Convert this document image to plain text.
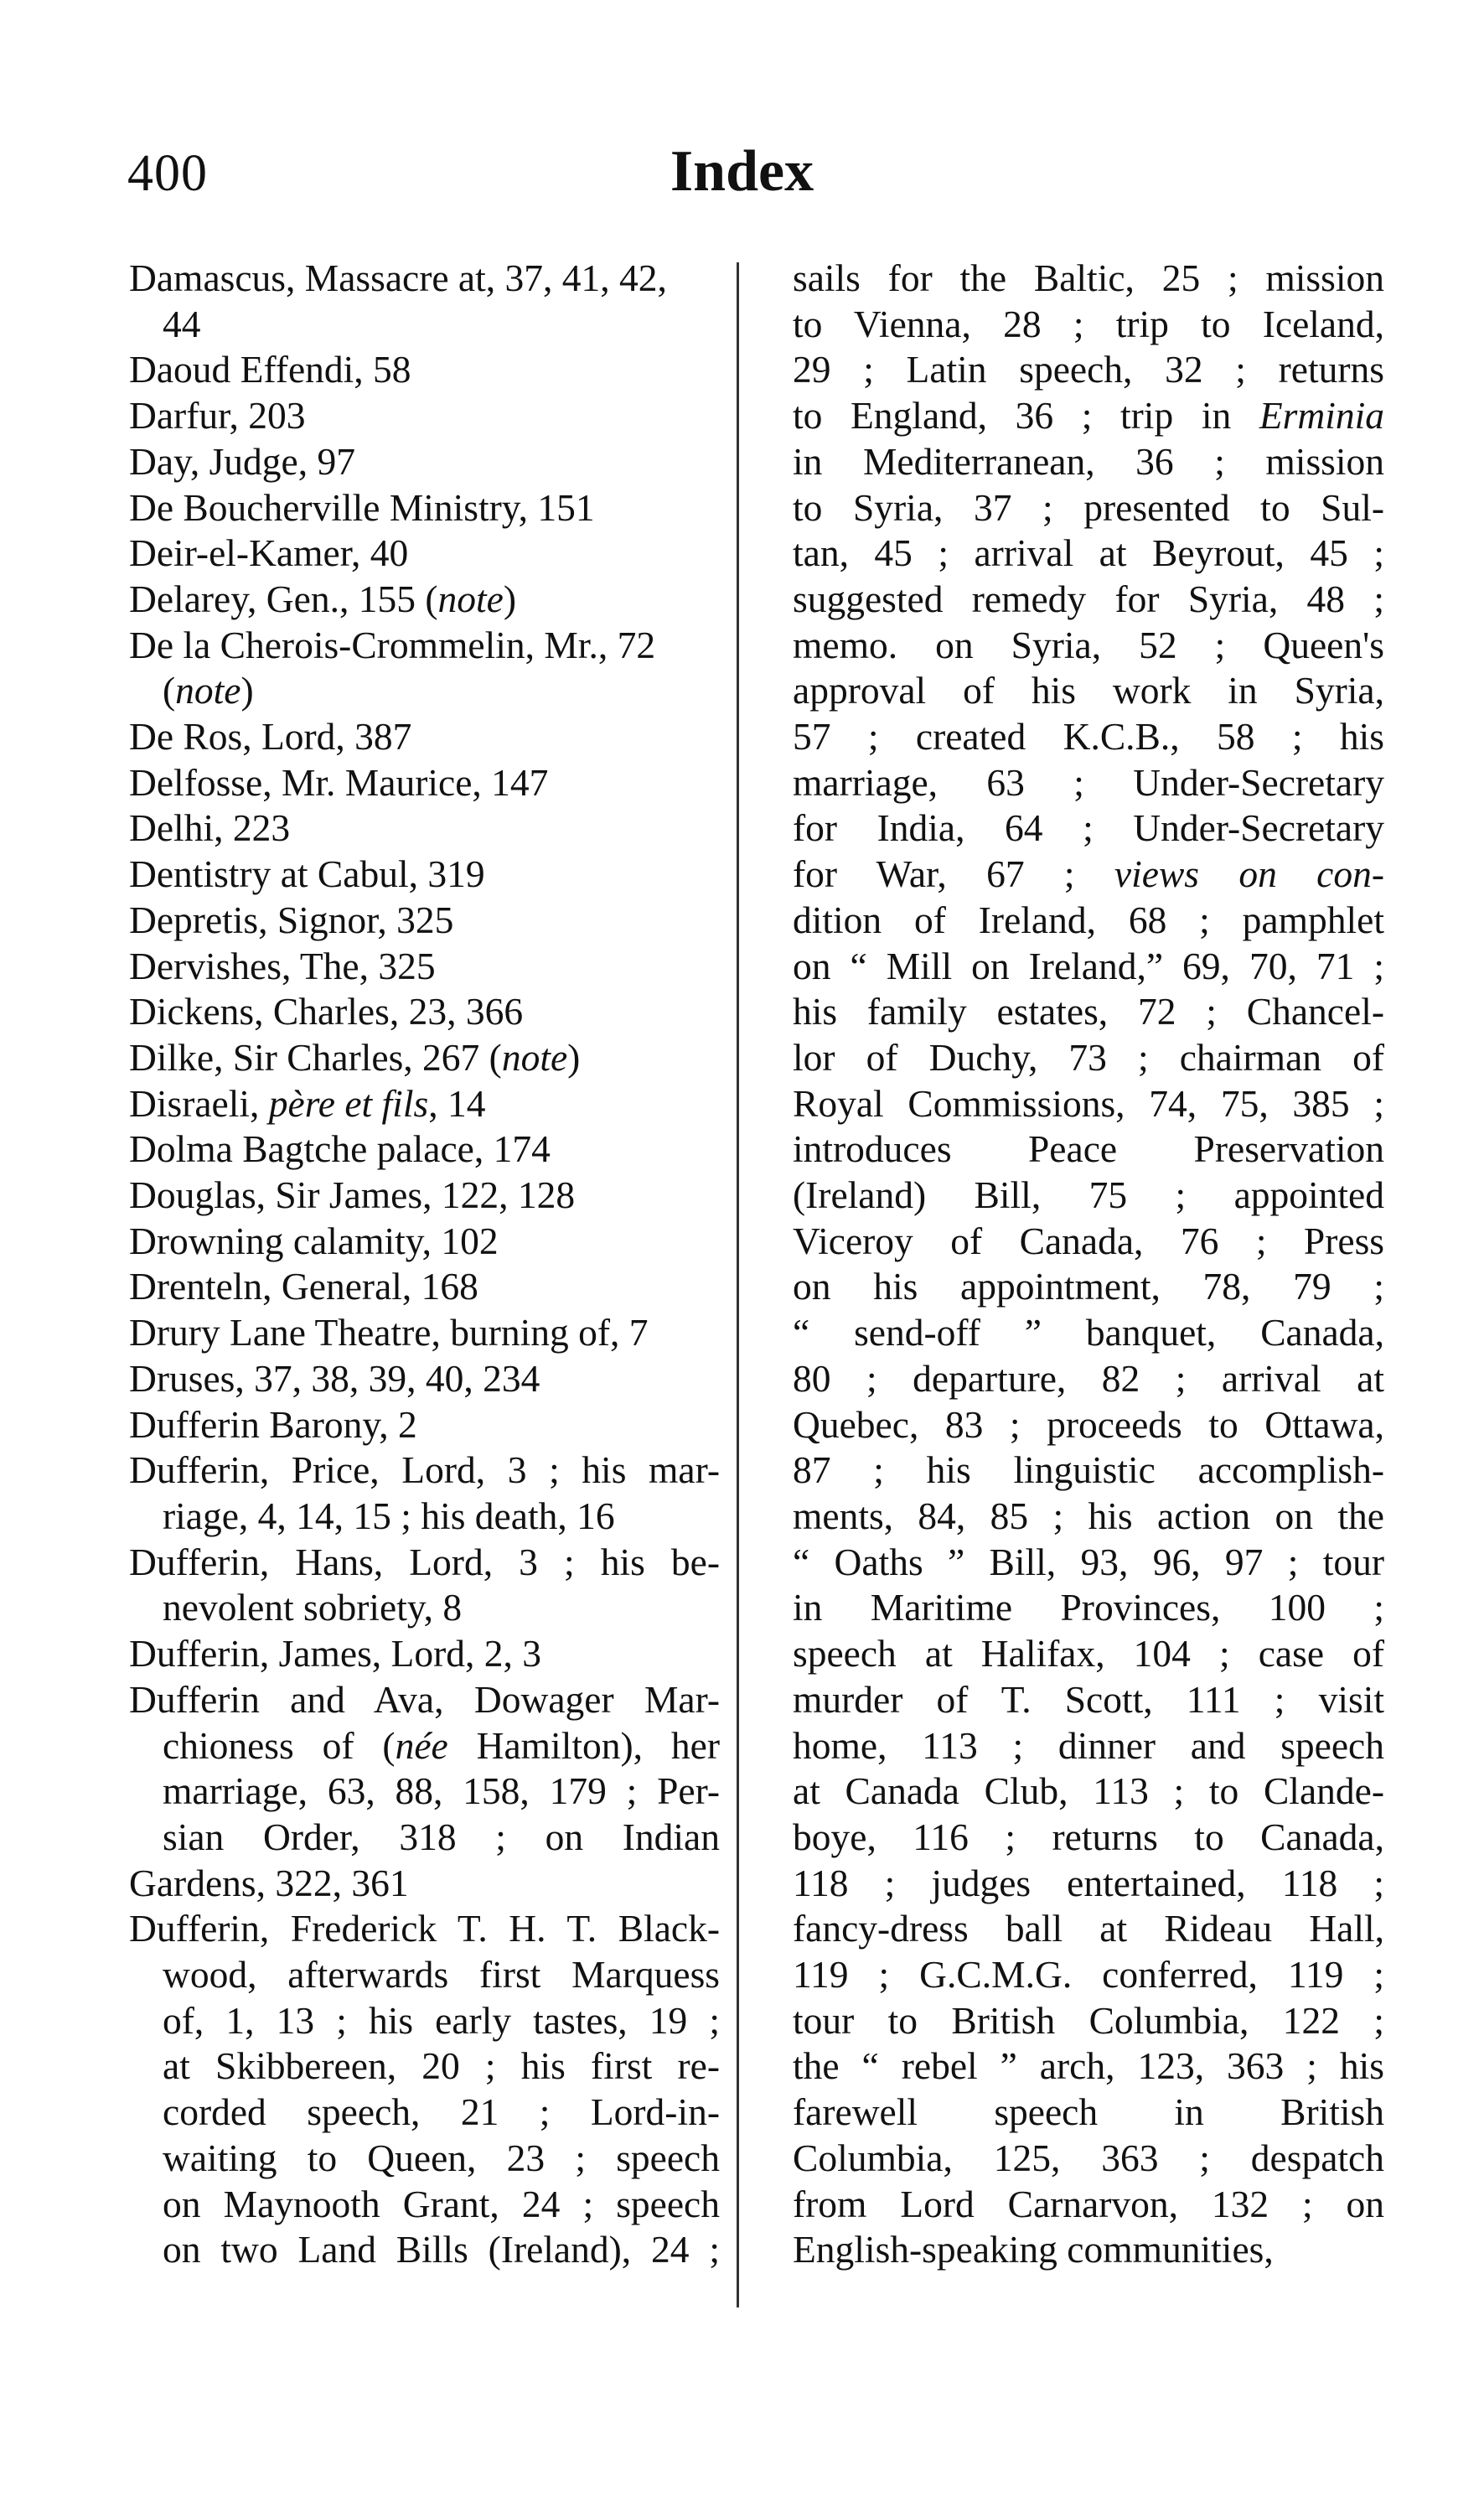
400	Index

Damascus, Massacre at, 37, 41, 42,

44

Daoud Effendi, 58

Darfur, 203

Day, Judge, 97

De Boucherville Ministry, 151

Deir-el-Kamer, 40

Delarey, Gen., 155 (note)

De la Cherois-Crommelin, Mr., 72

(note)

De Ros, Lord, 387

Delfosse, Mr. Maurice, 147

Delhi, 223

Dentistry at Cabul, 319

Depretis, Signor, 325

Dervishes, The, 325

Dickens, Charles, 23, 366

Dilke, Sir Charles, 267 (note)

Disraeli, père et fils, 14

Dolma Bagtche palace, 174

Douglas, Sir James, 122, 128

Drowning calamity, 102

Drenteln, General, 168

Drury Lane Theatre, burning of, 7

Druses, 37, 38, 39, 40, 234

Dufferin Barony, 2

Dufferin, Price, Lord, 3 ; his mar-

riage, 4, 14, 15 ; his death, 16

Dufferin, Hans, Lord, 3 ; his be-

nevolent sobriety, 8

Dufferin, James, Lord, 2, 3

Dufferin and Ava, Dowager Mar-

chioness of (née Hamilton), her

marriage, 63, 88, 158, 179 ; Per-

sian Order, 318 ; on Indian

Gardens, 322, 361

Dufferin, Frederick T. H. T. Black-

wood, afterwards first Marquess

of, 1, 13 ; his early tastes, 19 ;

at Skibbereen, 20 ; his first re-

corded speech, 21 ; Lord-in-

waiting to Queen, 23 ; speech

on Maynooth Grant, 24 ; speech

on two Land Bills (Ireland), 24 ;

sails for the Baltic, 25 ; mission

to Vienna, 28 ; trip to Iceland,

29 ; Latin speech, 32 ; returns

to England, 36 ; trip in Erminia

in Mediterranean, 36 ; mission

to Syria, 37 ; presented to Sul-

tan, 45 ; arrival at Beyrout, 45 ;

suggested remedy for Syria, 48 ;

memo. on Syria, 52 ; Queen's

approval of his work in Syria,

57 ; created K.C.B., 58 ; his

marriage, 63 ; Under-Secretary

for India, 64 ; Under-Secretary

for War, 67 ; views on con-

dition of Ireland, 68 ; pamphlet

on “ Mill on Ireland,” 69, 70, 71 ;

his family estates, 72 ; Chancel-

lor of Duchy, 73 ; chairman of

Royal Commissions, 74, 75, 385 ;

introduces Peace Preservation

(Ireland) Bill, 75 ; appointed

Viceroy of Canada, 76 ; Press

on his appointment, 78, 79 ;

“ send-off ” banquet, Canada,

80 ; departure, 82 ; arrival at

Quebec, 83 ; proceeds to Ottawa,

87 ; his linguistic accomplish-

ments, 84, 85 ; his action on the

“ Oaths ” Bill, 93, 96, 97 ; tour

in Maritime Provinces, 100 ;

speech at Halifax, 104 ; case of

murder of T. Scott, 111 ; visit

home, 113 ; dinner and speech

at Canada Club, 113 ; to Clande-

boye, 116 ; returns to Canada,

118 ; judges entertained, 118 ;

fancy-dress ball at Rideau Hall,

119 ; G.C.M.G. conferred, 119 ;

tour to British Columbia, 122 ;

the “ rebel ” arch, 123, 363 ; his

farewell speech in British

Columbia, 125, 363 ; despatch

from Lord Carnarvon, 132 ; on

English-speaking communities,
